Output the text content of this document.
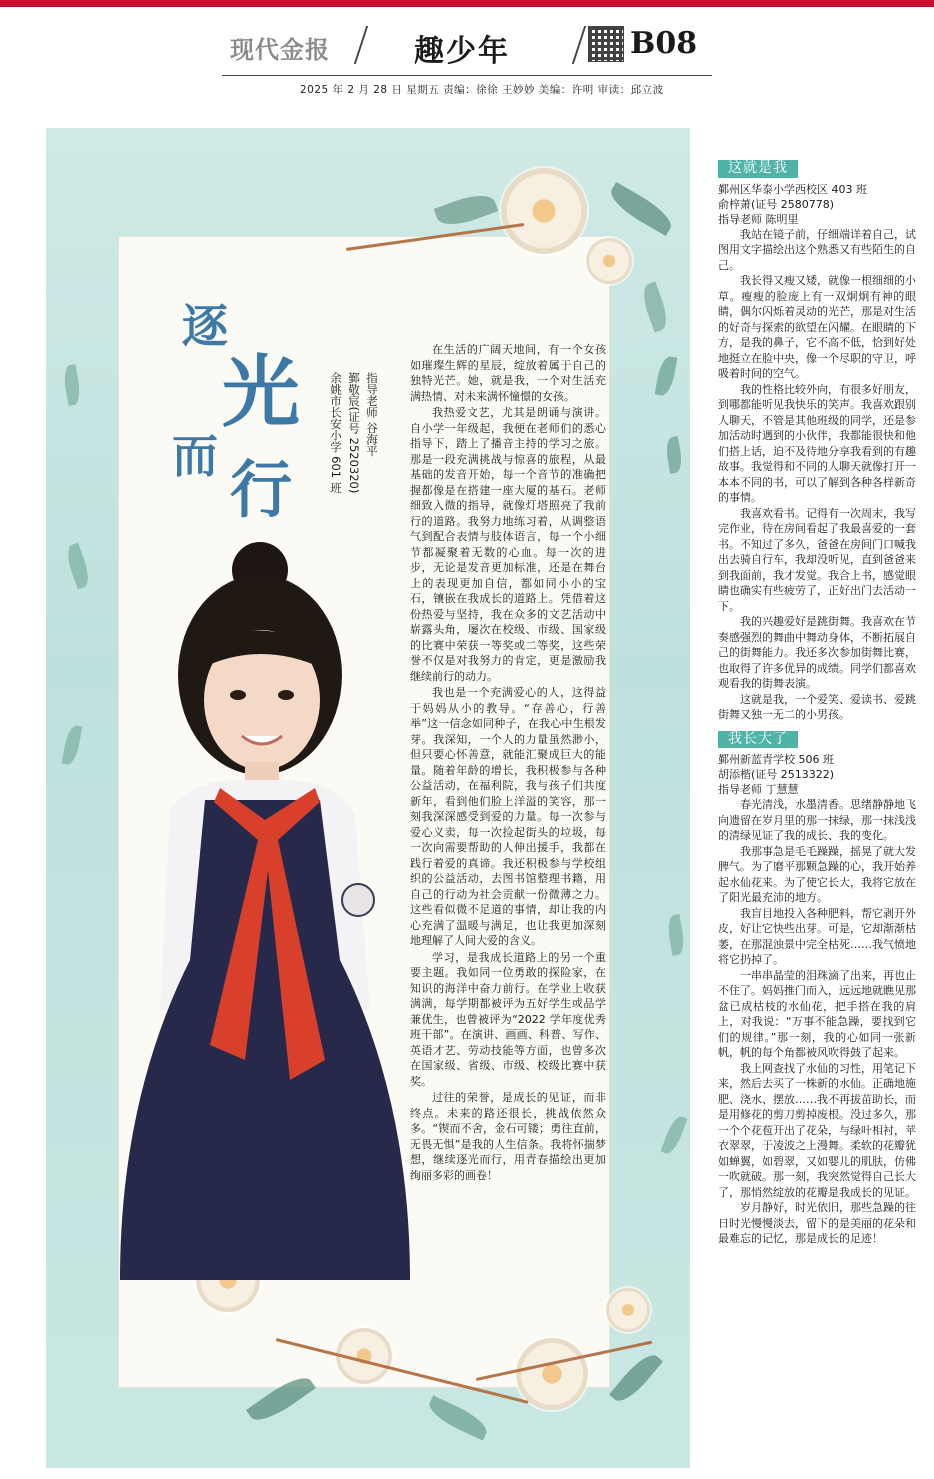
现代金报	趣少年	B08
2025 年 2 月 28 日 星期五 责编：徐徐 王妙妙 美编：许明 审读：邱立波
逐
光
而 行
指导老师 谷海平
鄞敬宸(证号 2520320)
余姚市长安小学 601 班

在生活的广阔天地间，有一个女孩如璀璨生辉的星辰，绽放着属于自己的独特光芒。她，就是我，一个对生活充满热情、对未来满怀憧憬的女孩。

我热爱文艺，尤其是朗诵与演讲。自小学一年级起，我便在老师们的悉心指导下，踏上了播音主持的学习之旅。那是一段充满挑战与惊喜的旅程，从最基础的发音开始，每一个音节的准确把握都像是在搭建一座大厦的基石。老师细致入微的指导，就像灯塔照亮了我前行的道路。我努力地练习着，从调整语气到配合表情与肢体语言，每一个小细节都凝聚着无数的心血。每一次的进步，无论是发音更加标准，还是在舞台上的表现更加自信，都如同小小的宝石，镶嵌在我成长的道路上。凭借着这份热爱与坚持，我在众多的文艺活动中崭露头角，屡次在校级、市级、国家级的比赛中荣获一等奖或二等奖，这些荣誉不仅是对我努力的肯定，更是激励我继续前行的动力。

我也是一个充满爱心的人，这得益于妈妈从小的教导。“存善心，行善举”这一信念如同种子，在我心中生根发芽。我深知，一个人的力量虽然渺小，但只要心怀善意，就能汇聚成巨大的能量。随着年龄的增长，我积极参与各种公益活动，在福利院，我与孩子们共度新年，看到他们脸上洋溢的笑容，那一刻我深深感受到爱的力量。每一次参与爱心义卖，每一次捡起街头的垃圾，每一次向需要帮助的人伸出援手，我都在践行着爱的真谛。我还积极参与学校组织的公益活动，去图书馆整理书籍，用自己的行动为社会贡献一份微薄之力。这些看似微不足道的事情，却让我的内心充满了温暖与满足，也让我更加深刻地理解了人间大爱的含义。

学习，是我成长道路上的另一个重要主题。我如同一位勇敢的探险家，在知识的海洋中奋力前行。在学业上收获满满，每学期都被评为五好学生或品学兼优生，也曾被评为“2022 学年度优秀班干部”。在演讲、画画、科普、写作、英语才艺、劳动技能等方面，也曾多次在国家级、省级、市级、校级比赛中获奖。

过往的荣誉，是成长的见证，而非终点。未来的路还很长，挑战依然众多。“锲而不舍，金石可镂；勇往直前，无畏无惧”是我的人生信条。我将怀揣梦想，继续逐光而行，用青春描绘出更加绚丽多彩的画卷！

这就是我
鄞州区华泰小学西校区 403 班
俞梓萧(证号 2580778)
指导老师 陈明里

我站在镜子前，仔细端详着自己，试图用文字描绘出这个熟悉又有些陌生的自己。

我长得又瘦又矮，就像一根细细的小草。瘦瘦的脸庞上有一双炯炯有神的眼睛，偶尔闪烁着灵动的光芒，那是对生活的好奇与探索的欲望在闪耀。在眼睛的下方，是我的鼻子，它不高不低，恰到好处地挺立在脸中央，像一个尽职的守卫，呼吸着时间的空气。

我的性格比较外向，有很多好朋友，到哪都能听见我快乐的笑声。我喜欢跟别人聊天，不管是其他班级的同学，还是参加活动时遇到的小伙伴，我都能很快和他们搭上话，迫不及待地分享我看到的有趣故事。我觉得和不同的人聊天就像打开一本本不同的书，可以了解到各种各样新奇的事情。

我喜欢看书。记得有一次周末，我写完作业，待在房间看起了我最喜爱的一套书。不知过了多久，爸爸在房间门口喊我出去骑自行车，我却没听见，直到爸爸来到我面前，我才发觉。我合上书，感觉眼睛也确实有些疲劳了，正好出门去活动一下。

我的兴趣爱好是跳街舞。我喜欢在节奏感强烈的舞曲中舞动身体，不断拓展自己的街舞能力。我还多次参加街舞比赛，也取得了许多优异的成绩。同学们都喜欢观看我的街舞表演。

这就是我，一个爱笑、爱读书、爱跳街舞又独一无二的小男孩。

我长大了
鄞州新蓝青学校 506 班
胡添楷(证号 2513322)
指导老师 丁慧慧

春光清浅，水墨清香。思绪静静地飞向遗留在岁月里的那一抹绿，那一抹浅浅的清绿见证了我的成长、我的变化。

我那事急是毛毛躁躁，摇晃了就大发脾气。为了磨平那颗急躁的心，我开始养起水仙花来。为了使它长大，我将它放在了阳光最充沛的地方。

我盲目地投入各种肥料，帮它剥开外皮，好让它快些出芽。可是，它却渐渐枯萎，在那混浊景中完全枯死……我气愤地将它扔掉了。

一串串晶莹的泪珠滴了出来，再也止不住了。妈妈推门而入，远远地就瞧见那盆已成枯枝的水仙花，把手搭在我的肩上，对我说：“万事不能急躁，要找到它们的规律。”那一刻，我的心如同一张新帆，帆的每个角都被风吹得鼓了起来。

我上网查找了水仙的习性，用笔记下来，然后去买了一株新的水仙。正确地施肥、浇水、摆放……我不再拔苗助长，而是用修花的剪刀剪掉废根。没过多久，那一个个花苞开出了花朵，与绿叶相衬，苹衣翠翠，于凌波之上漫舞。柔软的花瓣犹如蝉翼，如碧翠，又如婴儿的肌肤，仿佛一吹就破。那一刻，我突然觉得自己长大了，那悄然绽放的花瓣是我成长的见证。

岁月静好，时光依旧，那些急躁的往日时光慢慢淡去，留下的是美丽的花朵和最难忘的记忆，那是成长的足迹！
